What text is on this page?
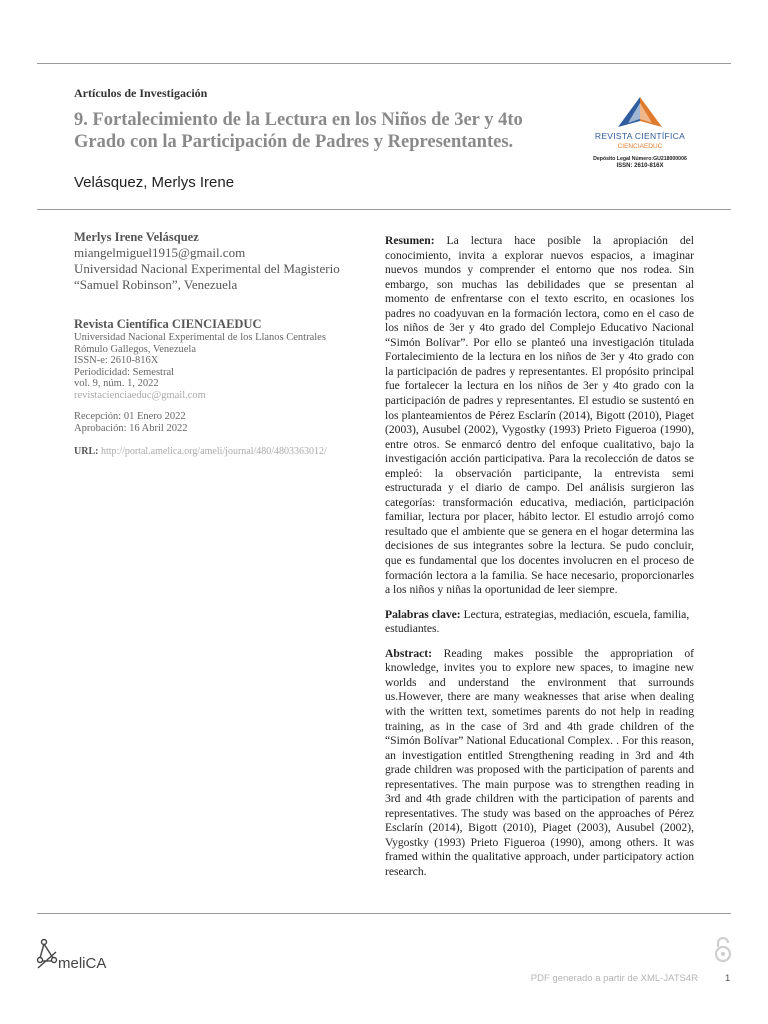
Artículos de Investigación
9. Fortalecimiento de la Lectura en los Niños de 3er y 4to Grado con la Participación de Padres y Representantes.
Velásquez, Merlys Irene
REVISTA CIENTÍFICA
CIENCIAEDUC
Depósito Legal Número:GU218000006
ISSN: 2610-816X
Merlys Irene Velásquez
miangelmiguel1915@gmail.com
Universidad Nacional Experimental del Magisterio
“Samuel Robinson”, Venezuela
Revista Científica CIENCIAEDUC
Universidad Nacional Experimental de los Llanos Centrales
Rómulo Gallegos, Venezuela
ISSN-e: 2610-816X
Periodicidad: Semestral
vol. 9, núm. 1, 2022
revistacienciaeduc@gmail.com
Recepción: 01 Enero 2022
Aprobación: 16 Abril 2022
URL: http://portal.amelica.org/ameli/journal/480/4803363012/

Resumen: La lectura hace posible la apropiación del conocimiento, invita a explorar nuevos espacios, a imaginar nuevos mundos y comprender el entorno que nos rodea. Sin embargo, son muchas las debilidades que se presentan al momento de enfrentarse con el texto escrito, en ocasiones los padres no coadyuvan en la formación lectora, como en el caso de los niños de 3er y 4to grado del Complejo Educativo Nacional “Simón Bolívar”. Por ello se planteó una investigación titulada Fortalecimiento de la lectura en los niños de 3er y 4to grado con la participación de padres y representantes. El propósito principal fue fortalecer la lectura en los niños de 3er y 4to grado con la participación de padres y representantes. El estudio se sustentó en los planteamientos de Pérez Esclarín (2014), Bigott (2010), Piaget (2003), Ausubel (2002), Vygostky (1993) Prieto Figueroa (1990), entre otros. Se enmarcó dentro del enfoque cualitativo, bajo la investigación acción participativa. Para la recolección de datos se empleó: la observación participante, la entrevista semi estructurada y el diario de campo. Del análisis surgieron las categorías: transformación educativa, mediación, participación familiar, lectura por placer, hábito lector. El estudio arrojó como resultado que el ambiente que se genera en el hogar determina las decisiones de sus integrantes sobre la lectura. Se pudo concluir, que es fundamental que los docentes involucren en el proceso de formación lectora a la familia. Se hace necesario, proporcionarles a los niños y niñas la oportunidad de leer siempre.

Palabras clave: Lectura, estrategias, mediación, escuela, familia, estudiantes.

Abstract: Reading makes possible the appropriation of knowledge, invites you to explore new spaces, to imagine new worlds and understand the environment that surrounds us.However, there are many weaknesses that arise when dealing with the written text, sometimes parents do not help in reading training, as in the case of 3rd and 4th grade children of the “Simón Bolívar” National Educational Complex. . For this reason, an investigation entitled Strengthening reading in 3rd and 4th grade children was proposed with the participation of parents and representatives. The main purpose was to strengthen reading in 3rd and 4th grade children with the participation of parents and representatives. The study was based on the approaches of Pérez Esclarín (2014), Bigott (2010), Piaget (2003), Ausubel (2002), Vygostky (1993) Prieto Figueroa (1990), among others. It was framed within the qualitative approach, under participatory action research.

meliCA
PDF generado a partir de XML-JATS4R	1
